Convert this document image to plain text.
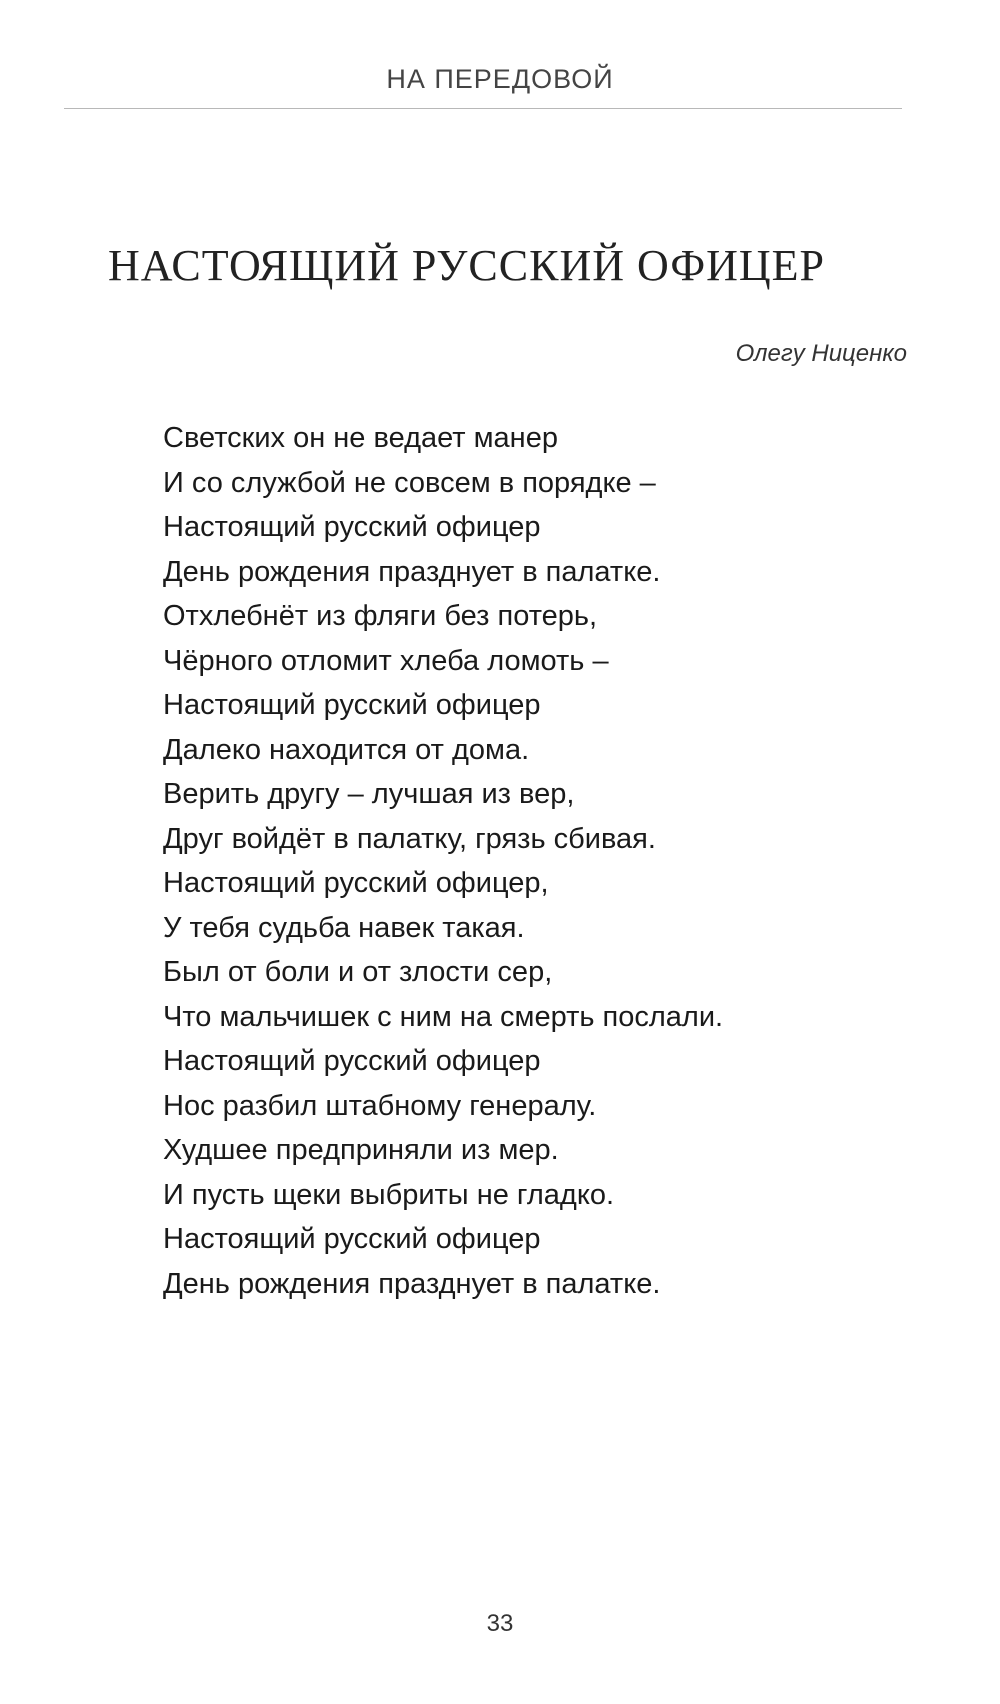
НА ПЕРЕДОВОЙ
НАСТОЯЩИЙ РУССКИЙ ОФИЦЕР
Олегу Ниценко
Светских он не ведает манер
И со службой не совсем в порядке –
Настоящий русский офицер
День рождения празднует в палатке.
Отхлебнёт из фляги без потерь,
Чёрного отломит хлеба ломоть –
Настоящий русский офицер
Далеко находится от дома.
Верить другу – лучшая из вер,
Друг войдёт в палатку, грязь сбивая.
Настоящий русский офицер,
У тебя судьба навек такая.
Был от боли и от злости сер,
Что мальчишек с ним на смерть послали.
Настоящий русский офицер
Нос разбил штабному генералу.
Худшее предприняли из мер.
И пусть щеки выбриты не гладко.
Настоящий русский офицер
День рождения празднует в палатке.
33
